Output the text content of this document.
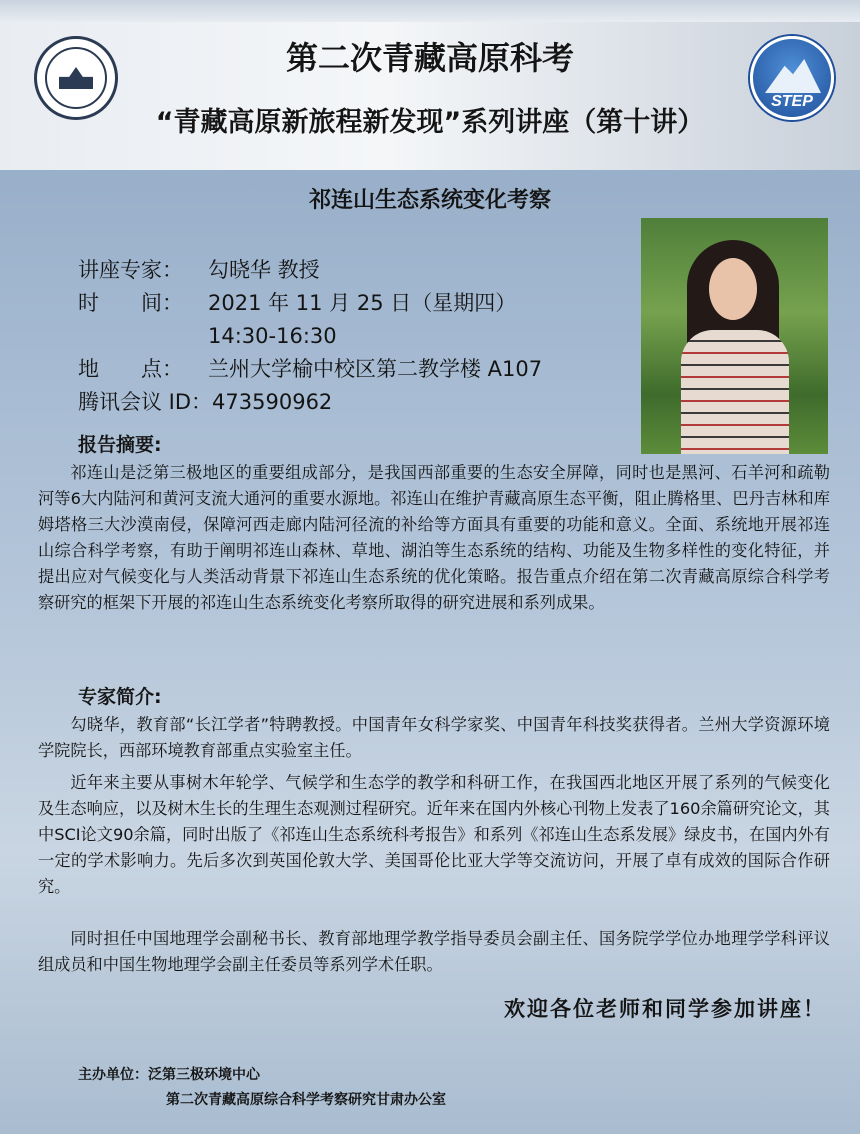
STEP
第二次青藏高原科考
“青藏高原新旅程新发现”系列讲座（第十讲）
祁连山生态系统变化考察
讲座专家： 勾晓华 教授
时　　间： 2021 年 11 月 25 日（星期四）
14:30-16:30
地　　点： 兰州大学榆中校区第二教学楼 A107
腾讯会议 ID：473590962
报告摘要:

祁连山是泛第三极地区的重要组成部分，是我国西部重要的生态安全屏障，同时也是黑河、石羊河和疏勒河等6大内陆河和黄河支流大通河的重要水源地。祁连山在维护青藏高原生态平衡，阻止腾格里、巴丹吉林和库姆塔格三大沙漠南侵，保障河西走廊内陆河径流的补给等方面具有重要的功能和意义。全面、系统地开展祁连山综合科学考察，有助于阐明祁连山森林、草地、湖泊等生态系统的结构、功能及生物多样性的变化特征，并提出应对气候变化与人类活动背景下祁连山生态系统的优化策略。报告重点介绍在第二次青藏高原综合科学考察研究的框架下开展的祁连山生态系统变化考察所取得的研究进展和系列成果。

专家简介:

勾晓华，教育部“长江学者”特聘教授。中国青年女科学家奖、中国青年科技奖获得者。兰州大学资源环境学院院长，西部环境教育部重点实验室主任。

近年来主要从事树木年轮学、气候学和生态学的教学和科研工作，在我国西北地区开展了系列的气候变化及生态响应，以及树木生长的生理生态观测过程研究。近年来在国内外核心刊物上发表了160余篇研究论文，其中SCI论文90余篇，同时出版了《祁连山生态系统科考报告》和系列《祁连山生态系发展》绿皮书，在国内外有一定的学术影响力。先后多次到英国伦敦大学、美国哥伦比亚大学等交流访问，开展了卓有成效的国际合作研究。

同时担任中国地理学会副秘书长、教育部地理学教学指导委员会副主任、国务院学学位办地理学学科评议组成员和中国生物地理学会副主任委员等系列学术任职。

欢迎各位老师和同学参加讲座！
主办单位：泛第三极环境中心
第二次青藏高原综合科学考察研究甘肃办公室
